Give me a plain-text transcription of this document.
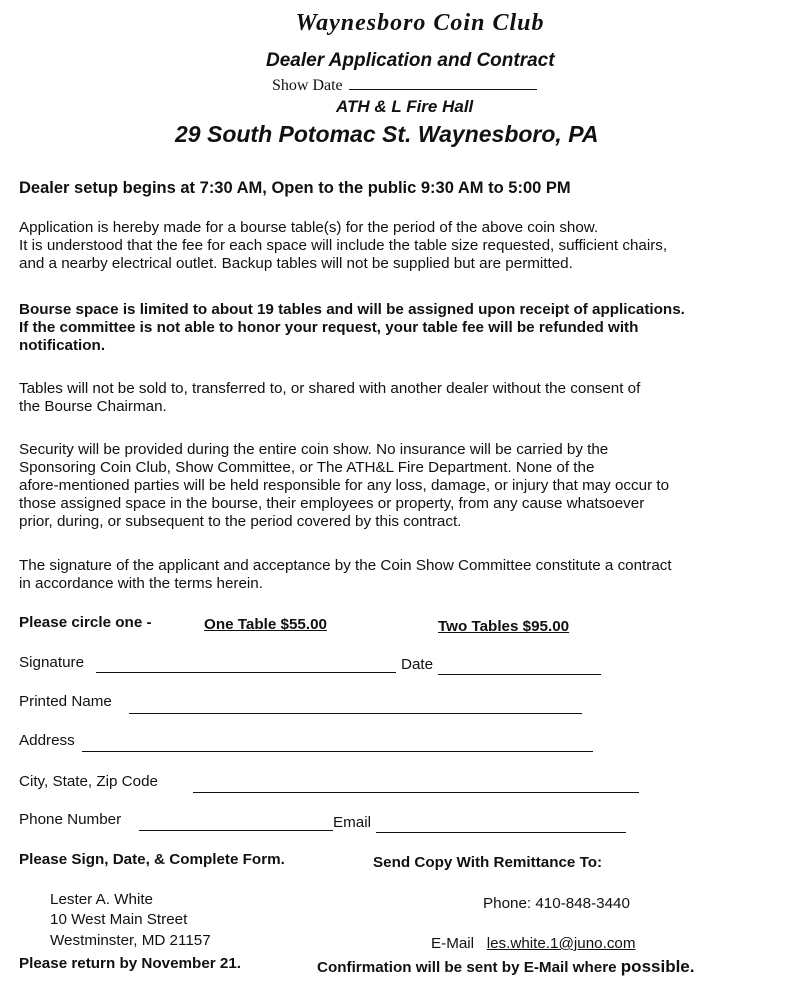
Waynesboro Coin Club
Dealer Application and Contract
Show Date
ATH & L Fire Hall
29 South Potomac St. Waynesboro, PA
Dealer setup begins at 7:30 AM, Open to the public 9:30 AM to 5:00 PM
Application is hereby made for a bourse table(s) for the period of the above coin show.
It is understood that the fee for each space will include the table size requested, sufficient chairs,
and a nearby electrical outlet. Backup tables will not be supplied but are permitted.
Bourse space is limited to about 19 tables and will be assigned upon receipt of applications.
If the committee is not able to honor your request, your table fee will be refunded with
notification.
Tables will not be sold to, transferred to, or shared with another dealer without the consent of
the Bourse Chairman.
Security will be provided during the entire coin show. No insurance will be carried by the
Sponsoring Coin Club, Show Committee, or The ATH&L Fire Department. None of the
afore-mentioned parties will be held responsible for any loss, damage, or injury that may occur to
those assigned space in the bourse, their employees or property, from any cause whatsoever
prior, during, or subsequent to the period covered by this contract.
The signature of the applicant and acceptance by the Coin Show Committee constitute a contract
in accordance with the terms herein.
Please circle one -	One Table $55.00	Two Tables $95.00
Signature	Date
Printed Name
Address
City, State, Zip Code
Phone Number	Email
Please Sign, Date, & Complete Form.	Send Copy With Remittance To:
Lester A. White
10 West Main Street
Westminster, MD 21157
Phone: 410-848-3440
E-Mail les.white.1@juno.com
Please return by November 21.	Confirmation will be sent by E-Mail where possible.
